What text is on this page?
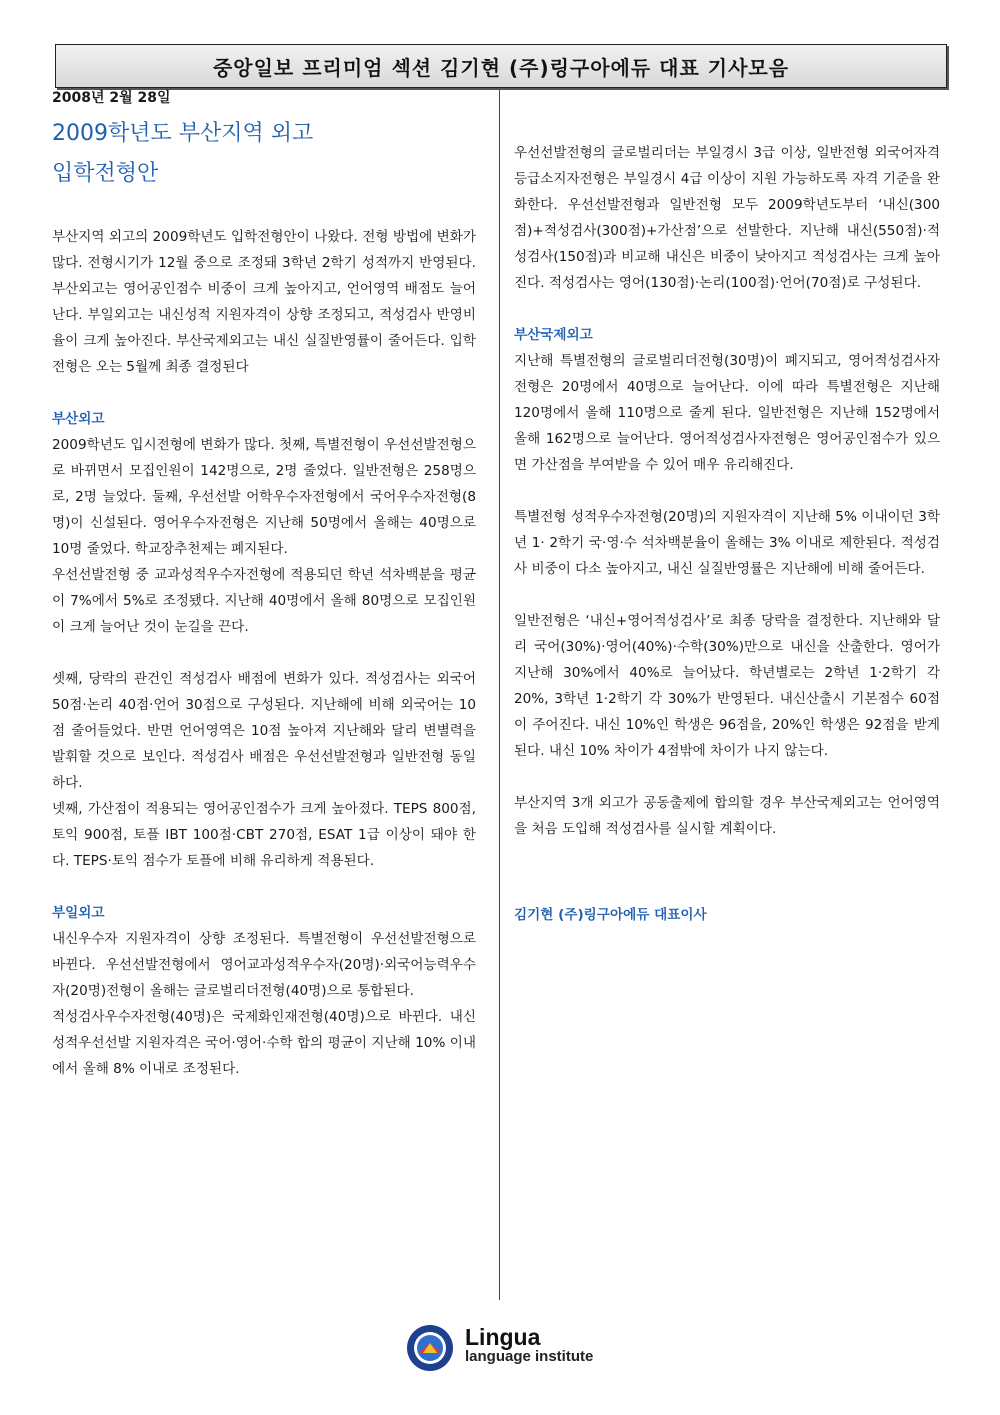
중앙일보 프리미엄 섹션 김기현 (주)링구아에듀 대표 기사모음
2008년 2월 28일
2009학년도 부산지역 외고
입학전형안

부산지역 외고의 2009학년도 입학전형안이 나왔다. 전형 방법에 변화가 많다. 전형시기가 12월 중으로 조정돼 3학년 2학기 성적까지 반영된다. 부산외고는 영어공인점수 비중이 크게 높아지고, 언어영역 배점도 늘어난다. 부일외고는 내신성적 지원자격이 상향 조정되고, 적성검사 반영비율이 크게 높아진다. 부산국제외고는 내신 실질반영률이 줄어든다. 입학전형은 오는 5월께 최종 결정된다

부산외고

2009학년도 입시전형에 변화가 많다. 첫째, 특별전형이 우선선발전형으로 바뀌면서 모집인원이 142명으로, 2명 줄었다. 일반전형은 258명으로, 2명 늘었다. 둘째, 우선선발 어학우수자전형에서 국어우수자전형(8명)이 신설된다. 영어우수자전형은 지난해 50명에서 올해는 40명으로 10명 줄었다. 학교장추천제는 폐지된다.

우선선발전형 중 교과성적우수자전형에 적용되던 학년 석차백분을 평균이 7%에서 5%로 조정됐다. 지난해 40명에서 올해 80명으로 모집인원이 크게 늘어난 것이 눈길을 끈다.

셋째, 당락의 관건인 적성검사 배점에 변화가 있다. 적성검사는 외국어 50점·논리 40점·언어 30점으로 구성된다. 지난해에 비해 외국어는 10점 줄어들었다. 반면 언어영역은 10점 높아져 지난해와 달리 변별력을 발휘할 것으로 보인다. 적성검사 배점은 우선선발전형과 일반전형 동일하다.

넷째, 가산점이 적용되는 영어공인점수가 크게 높아졌다. TEPS 800점, 토익 900점, 토플 IBT 100점·CBT 270점, ESAT 1급 이상이 돼야 한다. TEPS·토익 점수가 토플에 비해 유리하게 적용된다.

부일외고

내신우수자 지원자격이 상향 조정된다. 특별전형이 우선선발전형으로 바뀐다. 우선선발전형에서 영어교과성적우수자(20명)·외국어능력우수자(20명)전형이 올해는 글로벌리더전형(40명)으로 통합된다.

적성검사우수자전형(40명)은 국제화인재전형(40명)으로 바뀐다. 내신성적우선선발 지원자격은 국어·영어·수학 합의 평균이 지난해 10% 이내에서 올해 8% 이내로 조정된다.

우선선발전형의 글로벌리더는 부일경시 3급 이상, 일반전형 외국어자격등급소지자전형은 부일경시 4급 이상이 지원 가능하도록 자격 기준을 완화한다. 우선선발전형과 일반전형 모두 2009학년도부터 ‘내신(300점)+적성검사(300점)+가산점’으로 선발한다. 지난해 내신(550점)·적성검사(150점)과 비교해 내신은 비중이 낮아지고 적성검사는 크게 높아진다. 적성검사는 영어(130점)·논리(100점)·언어(70점)로 구성된다.

부산국제외고

지난해 특별전형의 글로벌리더전형(30명)이 폐지되고, 영어적성검사자전형은 20명에서 40명으로 늘어난다. 이에 따라 특별전형은 지난해 120명에서 올해 110명으로 줄게 된다. 일반전형은 지난해 152명에서 올해 162명으로 늘어난다. 영어적성검사자전형은 영어공인점수가 있으면 가산점을 부여받을 수 있어 매우 유리해진다.

특별전형 성적우수자전형(20명)의 지원자격이 지난해 5% 이내이던 3학년 1· 2학기 국·영·수 석차백분율이 올해는 3% 이내로 제한된다. 적성검사 비중이 다소 높아지고, 내신 실질반영률은 지난해에 비해 줄어든다.

일반전형은 ‘내신+영어적성검사’로 최종 당락을 결정한다. 지난해와 달리 국어(30%)·영어(40%)·수학(30%)만으로 내신을 산출한다. 영어가 지난해 30%에서 40%로 늘어났다. 학년별로는 2학년 1·2학기 각 20%, 3학년 1·2학기 각 30%가 반영된다. 내신산출시 기본점수 60점이 주어진다. 내신 10%인 학생은 96점을, 20%인 학생은 92점을 받게 된다. 내신 10% 차이가 4점밖에 차이가 나지 않는다.

부산지역 3개 외고가 공동출제에 합의할 경우 부산국제외고는 언어영역을 처음 도입해 적성검사를 실시할 계획이다.

김기현 (주)링구아에듀 대표이사
Lingua
language institute
